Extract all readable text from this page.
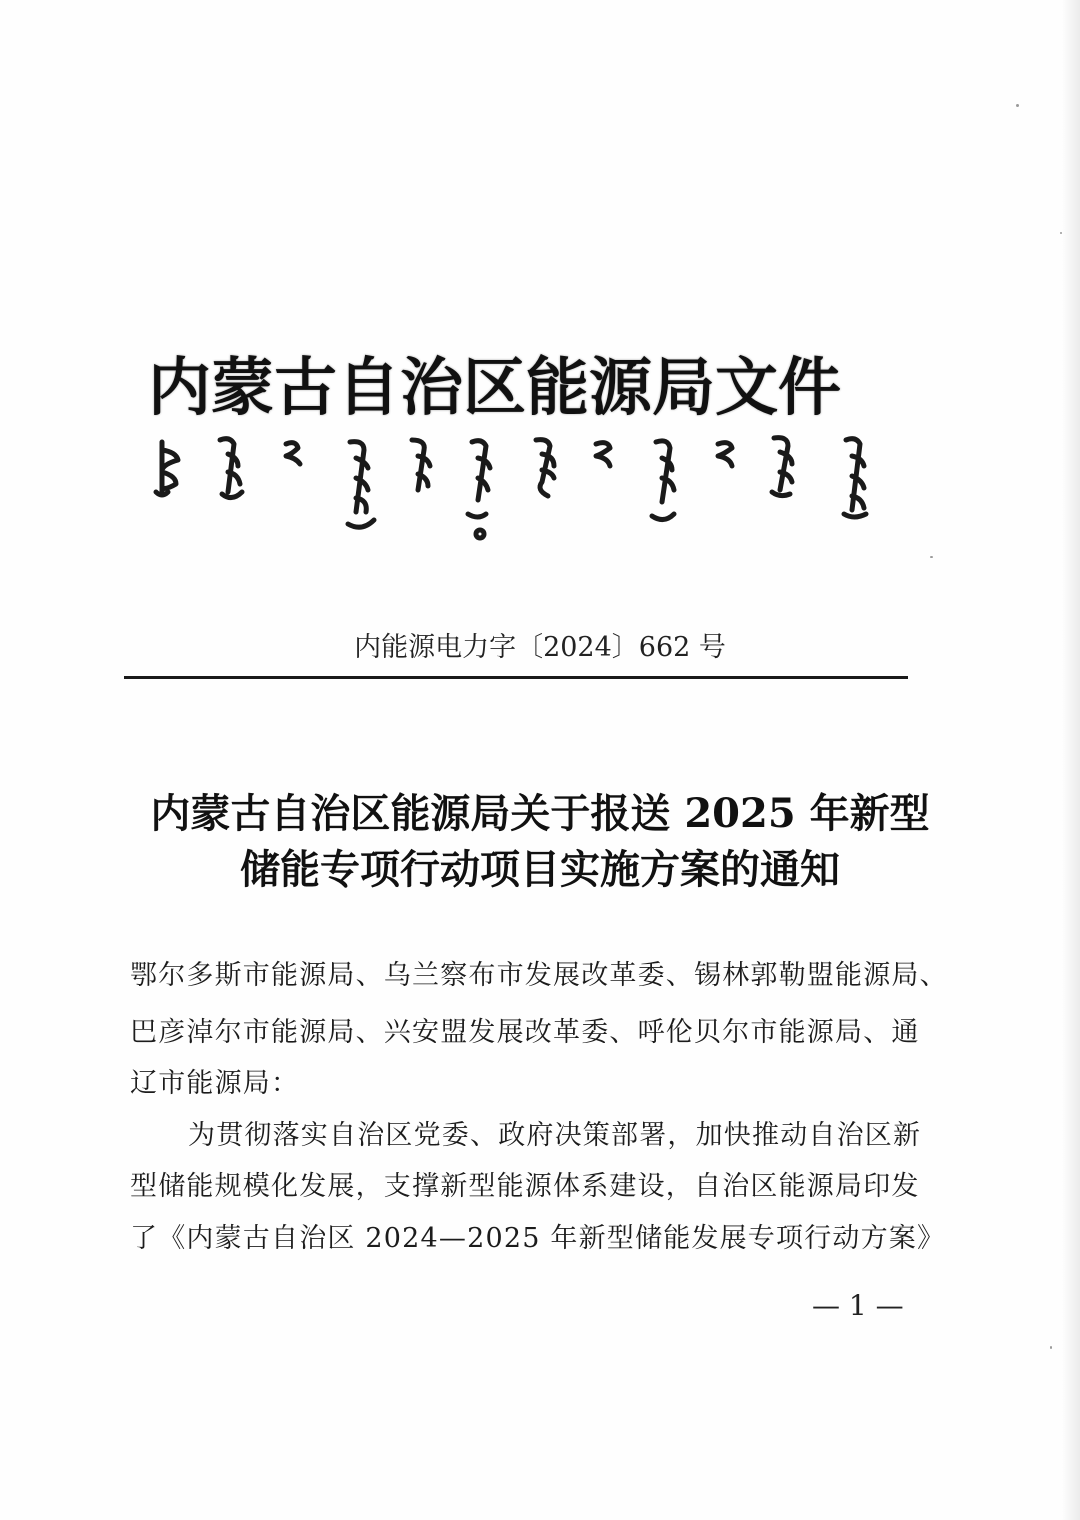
内蒙古自治区能源局文件
内能源电力字〔2024〕662 号
内蒙古自治区能源局关于报送 2025 年新型
储能专项行动项目实施方案的通知
鄂尔多斯市能源局、乌兰察布市发展改革委、锡林郭勒盟能源局、
巴彦淖尔市能源局、兴安盟发展改革委、呼伦贝尔市能源局、通
辽市能源局：
为贯彻落实自治区党委、政府决策部署，加快推动自治区新
型储能规模化发展，支撑新型能源体系建设，自治区能源局印发
了《内蒙古自治区 2024—2025 年新型储能发展专项行动方案》
— 1 —
